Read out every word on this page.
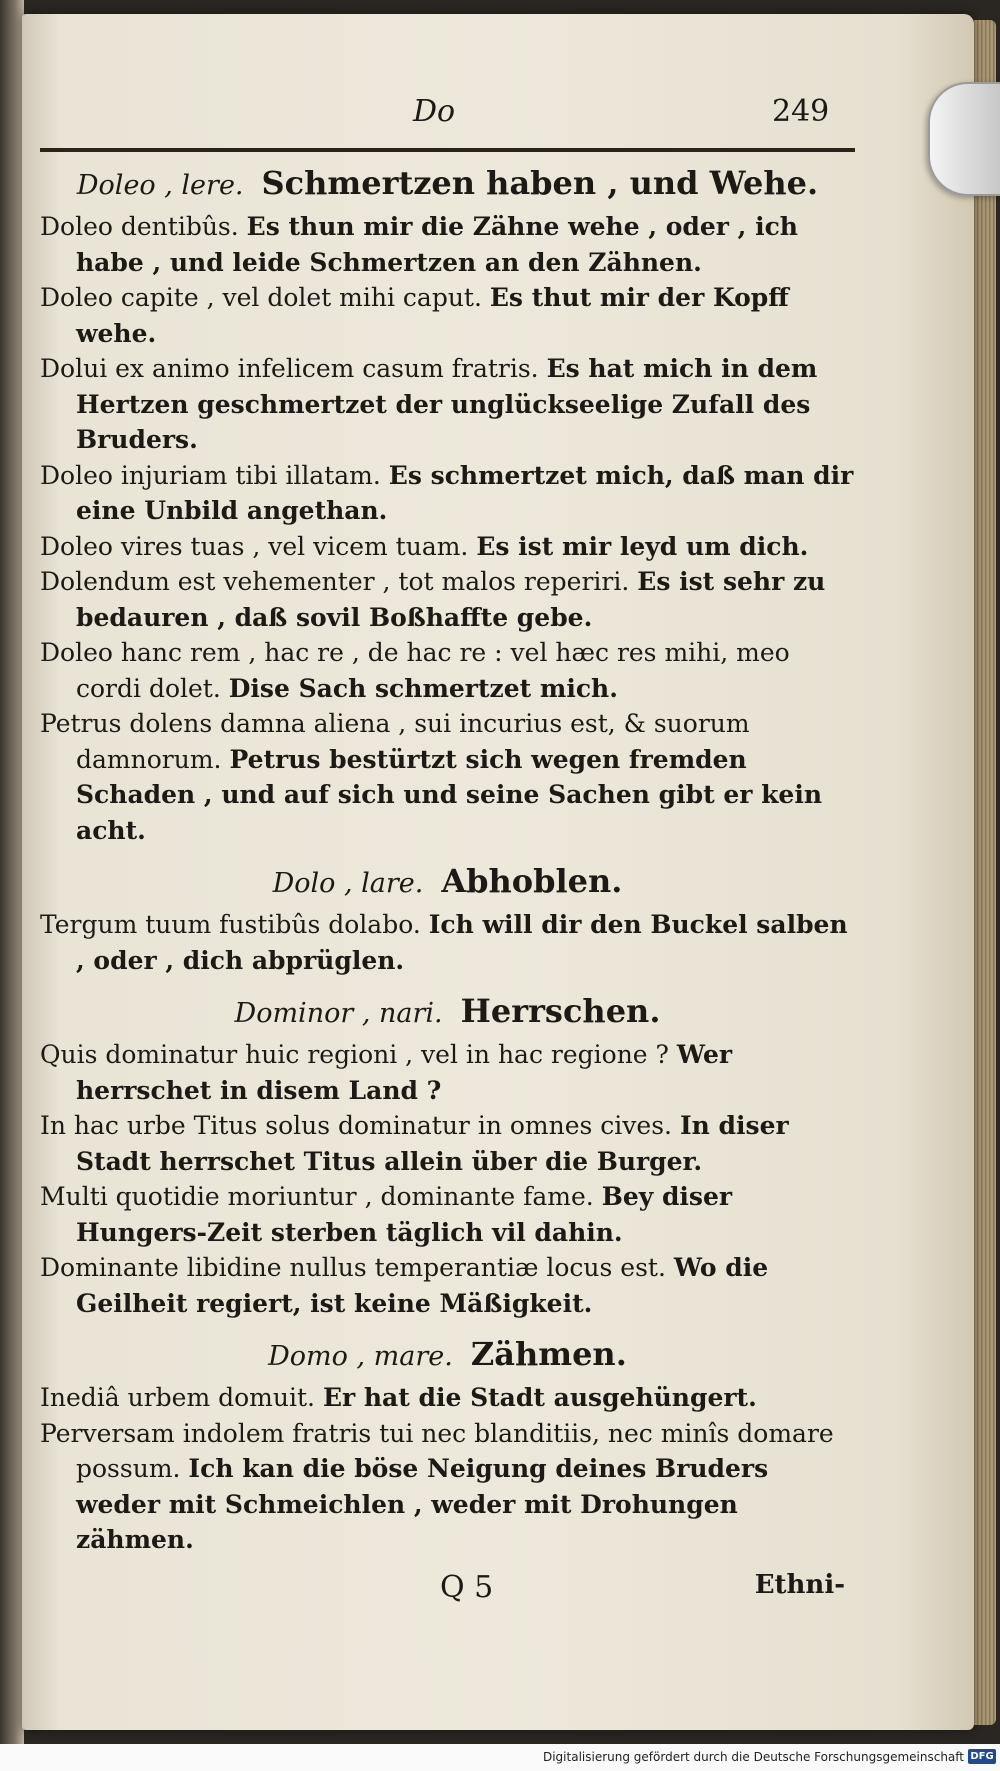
Do	249
Doleo , lere. Schmertzen haben , und Wehe.

Doleo dentibûs. Es thun mir die Zähne wehe , oder , ich habe , und leide Schmertzen an den Zähnen.

Doleo capite , vel dolet mihi caput. Es thut mir der Kopff wehe.

Dolui ex animo infelicem casum fratris. Es hat mich in dem Hertzen geschmertzet der unglückseelige Zufall des Bruders.

Doleo injuriam tibi illatam. Es schmertzet mich, daß man dir eine Unbild angethan.

Doleo vires tuas , vel vicem tuam. Es ist mir leyd um dich.

Dolendum est vehementer , tot malos reperiri. Es ist sehr zu bedauren , daß sovil Boßhaffte gebe.

Doleo hanc rem , hac re , de hac re : vel hæc res mihi, meo cordi dolet. Dise Sach schmertzet mich.

Petrus dolens damna aliena , sui incurius est, & suorum damnorum. Petrus bestürtzt sich wegen fremden Schaden , und auf sich und seine Sachen gibt er kein acht.

Dolo , lare. Abhoblen.

Tergum tuum fustibûs dolabo. Ich will dir den Buckel salben , oder , dich abprüglen.

Dominor , nari. Herrschen.

Quis dominatur huic regioni , vel in hac regione ? Wer herrschet in disem Land ?

In hac urbe Titus solus dominatur in omnes cives. In diser Stadt herrschet Titus allein über die Burger.

Multi quotidie moriuntur , dominante fame. Bey diser Hungers-Zeit sterben täglich vil dahin.

Dominante libidine nullus temperantiæ locus est. Wo die Geilheit regiert, ist keine Mäßigkeit.

Domo , mare. Zähmen.

Inediâ urbem domuit. Er hat die Stadt ausgehüngert.

Perversam indolem fratris tui nec blanditiis, nec minîs domare possum. Ich kan die böse Neigung deines Bruders weder mit Schmeichlen , weder mit Drohungen zähmen.

Q 5	Ethni-
Digitalisierung gefördert durch die Deutsche Forschungsgemeinschaft DFG
